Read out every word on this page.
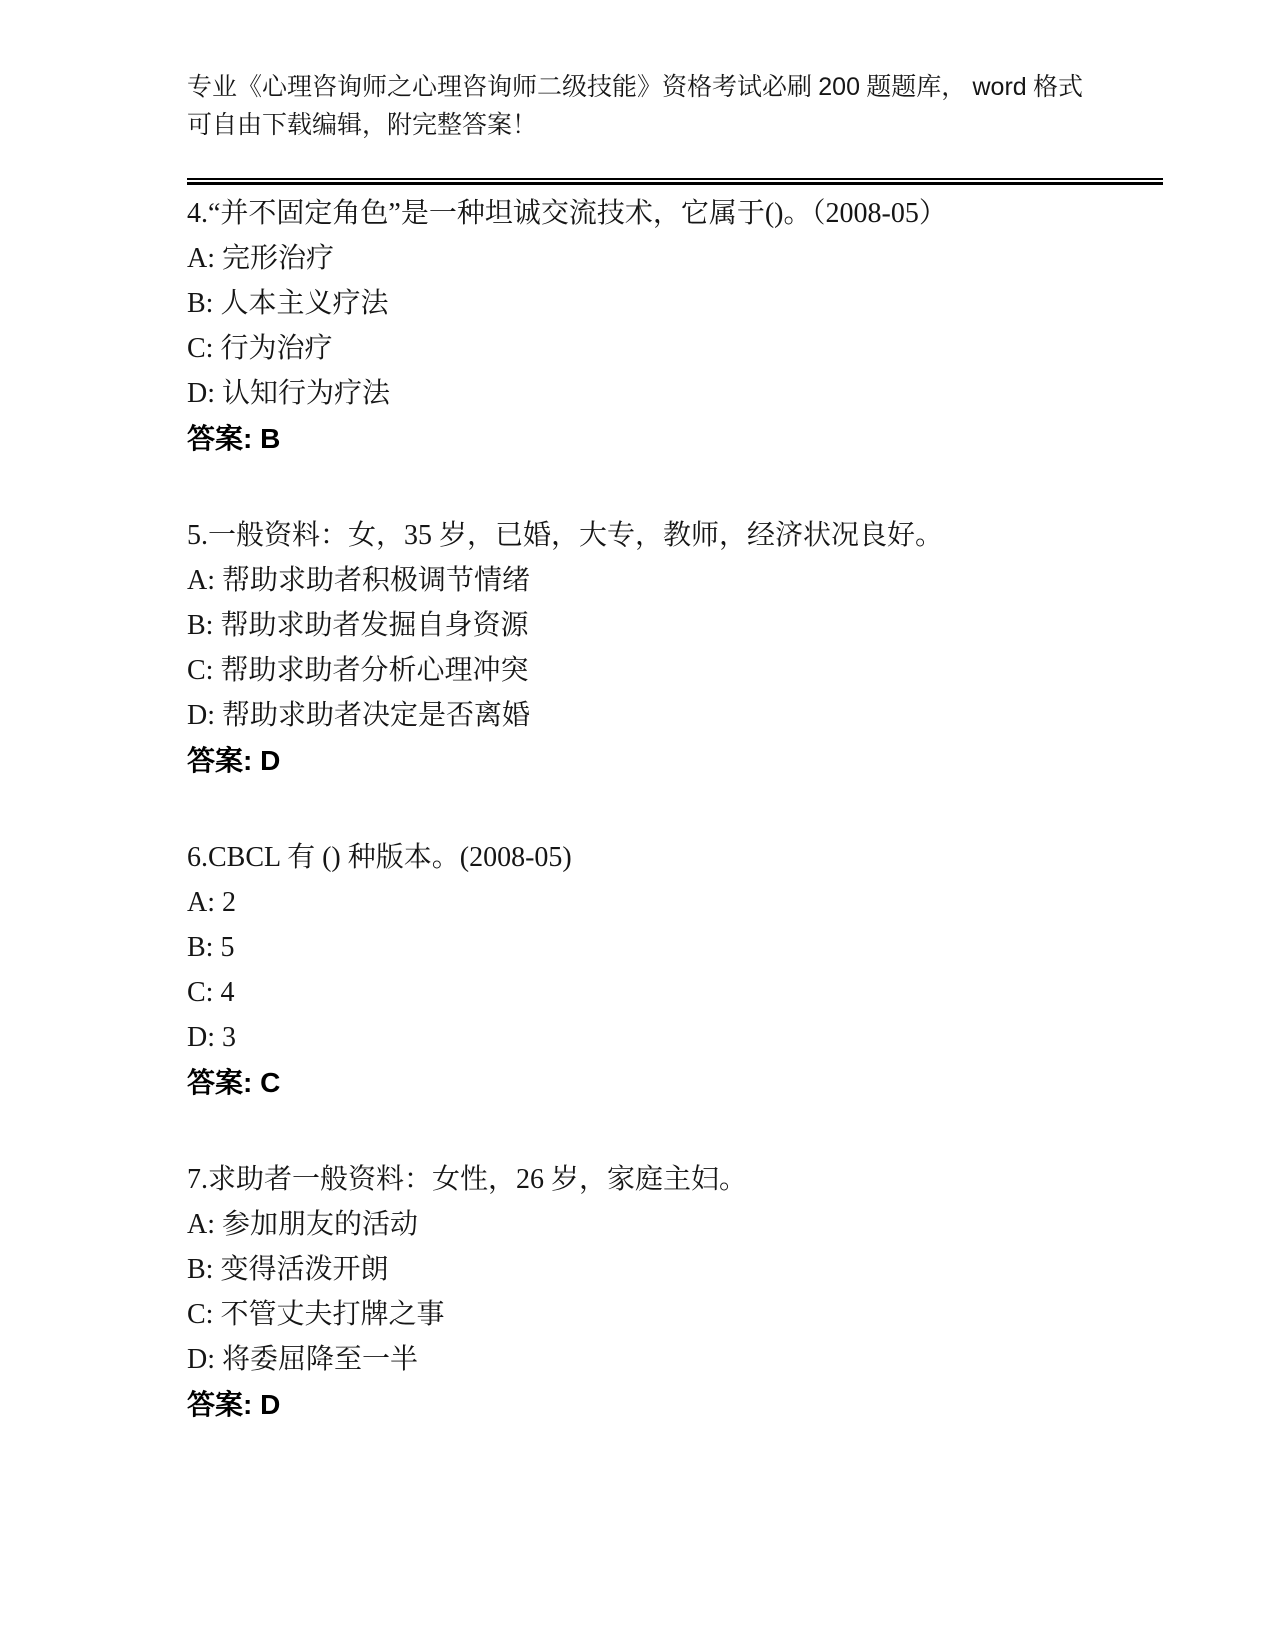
专业《心理咨询师之心理咨询师二级技能》资格考试必刷 200 题题库， word 格式
可自由下载编辑，附完整答案！
4.“并不固定角色”是一种坦诚交流技术，它属于()。（2008-05）
A: 完形治疗
B: 人本主义疗法
C: 行为治疗
D: 认知行为疗法
答案: B
5.一般资料：女，35 岁，已婚，大专，教师，经济状况良好。
A: 帮助求助者积极调节情绪
B: 帮助求助者发掘自身资源
C: 帮助求助者分析心理冲突
D: 帮助求助者决定是否离婚
答案: D
6.CBCL 有 () 种版本。(2008-05)
A: 2
B: 5
C: 4
D: 3
答案: C
7.求助者一般资料：女性，26 岁，家庭主妇。
A: 参加朋友的活动
B: 变得活泼开朗
C: 不管丈夫打牌之事
D: 将委屈降至一半
答案: D
